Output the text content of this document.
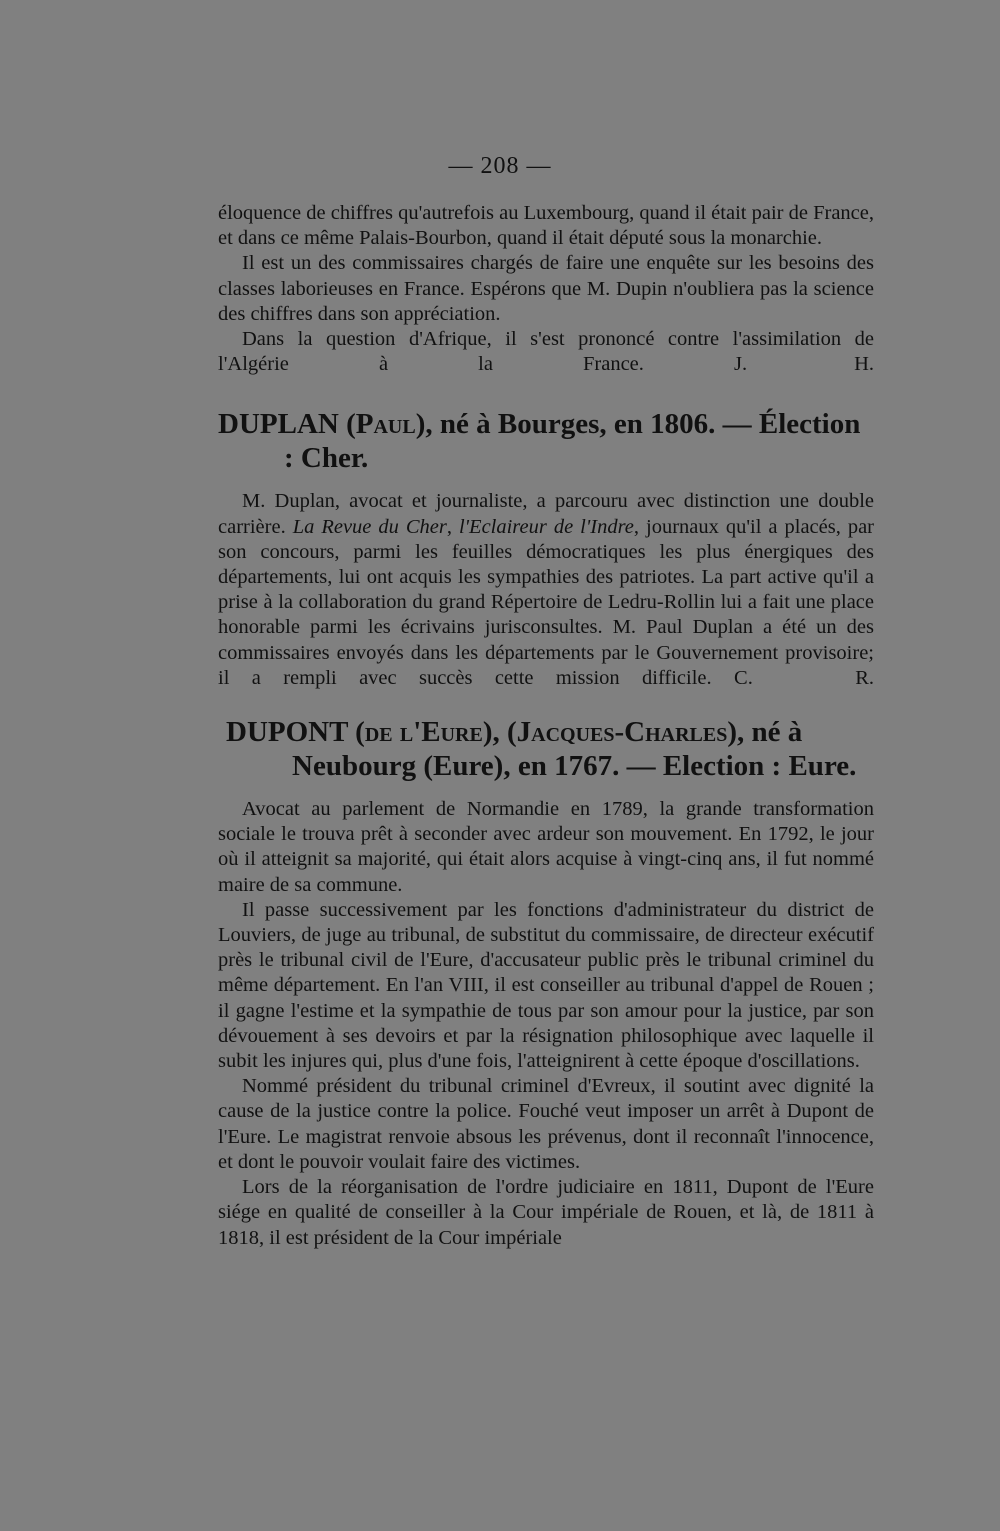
— 208 —

éloquence de chiffres qu'autrefois au Luxembourg, quand il était pair de France, et dans ce même Palais-Bourbon, quand il était député sous la monarchie.

Il est un des commissaires chargés de faire une enquête sur les besoins des classes laborieuses en France. Espérons que M. Dupin n'oubliera pas la science des chiffres dans son appréciation.

Dans la question d'Afrique, il s'est prononcé contre l'assimilation de l'Algérie à la France.	J. H.

DUPLAN (Paul), né à Bourges, en 1806. — Élection : Cher.

M. Duplan, avocat et journaliste, a parcouru avec distinction une double carrière. La Revue du Cher, l'Eclaireur de l'Indre, journaux qu'il a placés, par son concours, parmi les feuilles démocratiques les plus énergiques des départements, lui ont acquis les sympathies des patriotes. La part active qu'il a prise à la collaboration du grand Répertoire de Ledru-Rollin lui a fait une place honorable parmi les écrivains jurisconsultes. M. Paul Duplan a été un des commissaires envoyés dans les départements par le Gouvernement provisoire; il a rempli avec succès cette mission difficile. C. R.

DUPONT (de l'Eure), (Jacques-Charles), né à Neubourg (Eure), en 1767. — Election : Eure.

Avocat au parlement de Normandie en 1789, la grande transformation sociale le trouva prêt à seconder avec ardeur son mouvement. En 1792, le jour où il atteignit sa majorité, qui était alors acquise à vingt-cinq ans, il fut nommé maire de sa commune.

Il passe successivement par les fonctions d'administrateur du district de Louviers, de juge au tribunal, de substitut du commissaire, de directeur exécutif près le tribunal civil de l'Eure, d'accusateur public près le tribunal criminel du même département. En l'an VIII, il est conseiller au tribunal d'appel de Rouen ; il gagne l'estime et la sympathie de tous par son amour pour la justice, par son dévouement à ses devoirs et par la résignation philosophique avec laquelle il subit les injures qui, plus d'une fois, l'atteignirent à cette époque d'oscillations.

Nommé président du tribunal criminel d'Evreux, il soutint avec dignité la cause de la justice contre la police. Fouché veut imposer un arrêt à Dupont de l'Eure. Le magistrat renvoie absous les prévenus, dont il reconnaît l'innocence, et dont le pouvoir voulait faire des victimes.

Lors de la réorganisation de l'ordre judiciaire en 1811, Dupont de l'Eure siége en qualité de conseiller à la Cour impériale de Rouen, et là, de 1811 à 1818, il est président de la Cour impériale
